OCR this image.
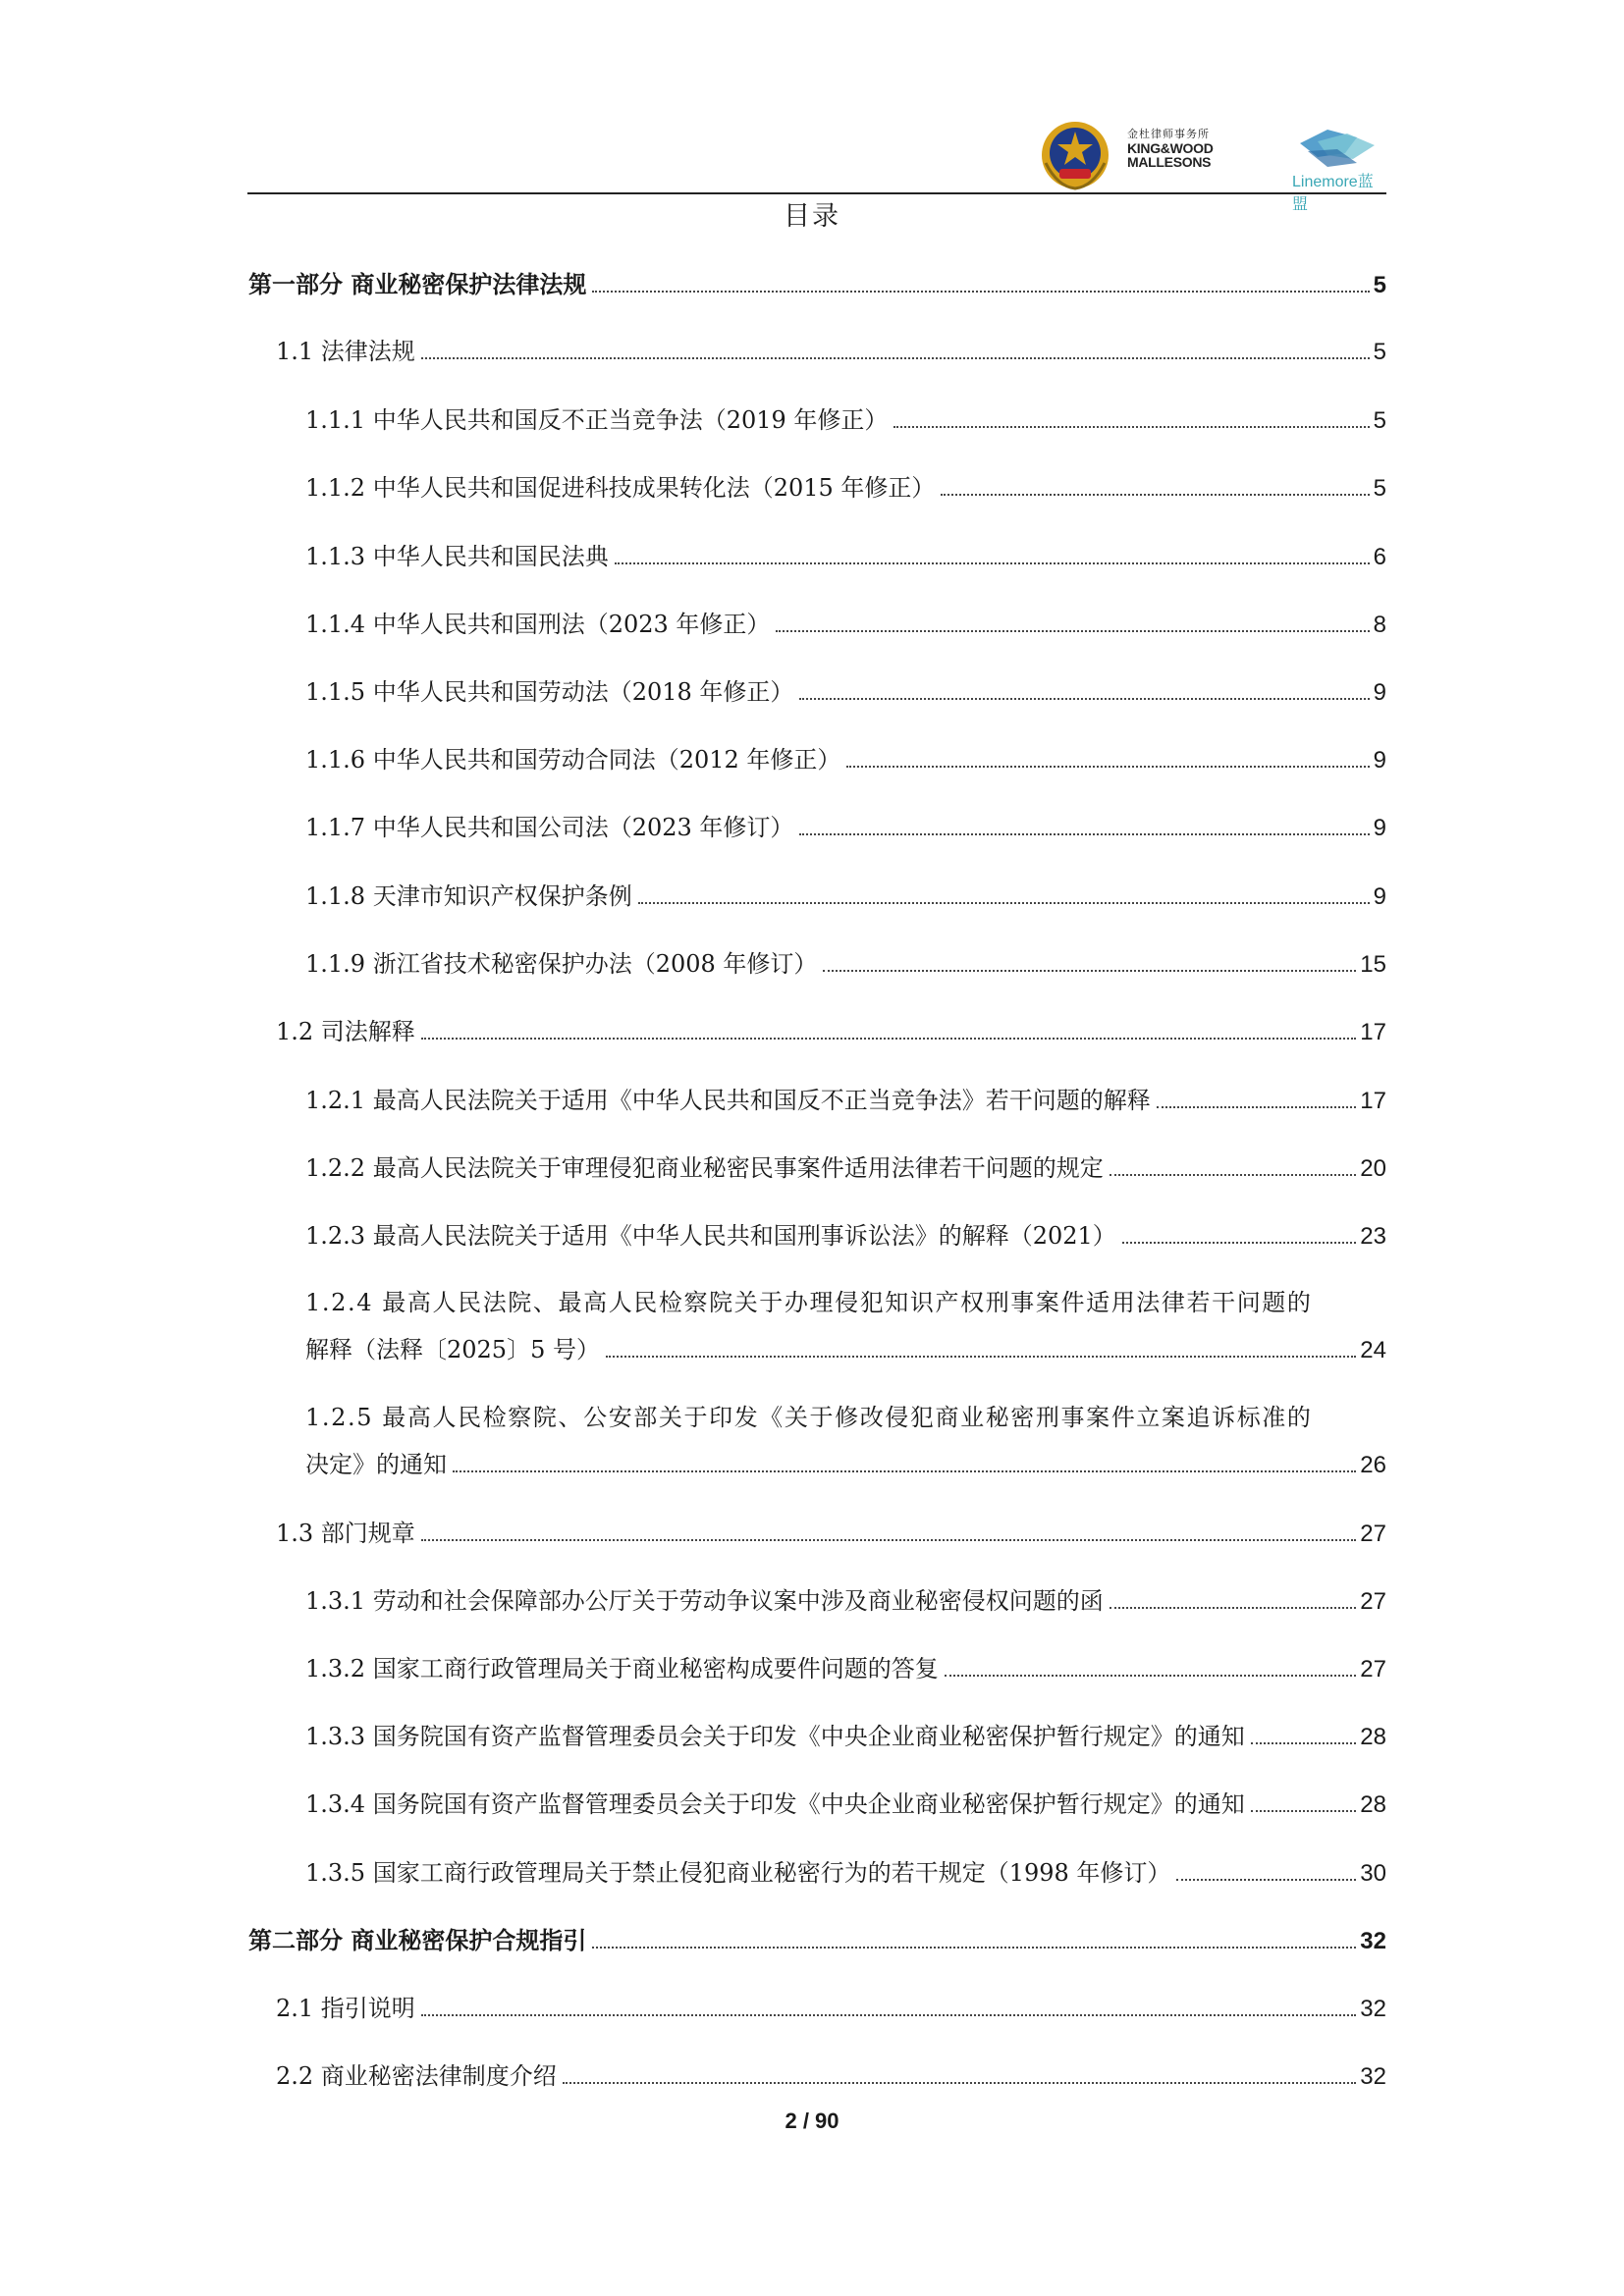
金杜律师事务所
KING&WOOD
MALLESONS
Linemore蓝盟
目录
第一部分 商业秘密保护法律法规	5
1.1 法律法规	5
1.1.1 中华人民共和国反不正当竞争法（2019 年修正）	5
1.1.2 中华人民共和国促进科技成果转化法（2015 年修正）	5
1.1.3 中华人民共和国民法典	6
1.1.4 中华人民共和国刑法（2023 年修正）	8
1.1.5 中华人民共和国劳动法（2018 年修正）	9
1.1.6 中华人民共和国劳动合同法（2012 年修正）	9
1.1.7 中华人民共和国公司法（2023 年修订）	9
1.1.8 天津市知识产权保护条例	9
1.1.9 浙江省技术秘密保护办法（2008 年修订）	15
1.2 司法解释	17
1.2.1 最高人民法院关于适用《中华人民共和国反不正当竞争法》若干问题的解释	17
1.2.2 最高人民法院关于审理侵犯商业秘密民事案件适用法律若干问题的规定	20
1.2.3 最高人民法院关于适用《中华人民共和国刑事诉讼法》的解释（2021）	23
1.2.4 最高人民法院、最高人民检察院关于办理侵犯知识产权刑事案件适用法律若干问题的
解释（法释〔2025〕5 号）	24
1.2.5 最高人民检察院、公安部关于印发《关于修改侵犯商业秘密刑事案件立案追诉标准的
决定》的通知	26
1.3 部门规章	27
1.3.1 劳动和社会保障部办公厅关于劳动争议案中涉及商业秘密侵权问题的函	27
1.3.2 国家工商行政管理局关于商业秘密构成要件问题的答复	27
1.3.3 国务院国有资产监督管理委员会关于印发《中央企业商业秘密保护暂行规定》的通知	28
1.3.4 国务院国有资产监督管理委员会关于印发《中央企业商业秘密保护暂行规定》的通知	28
1.3.5 国家工商行政管理局关于禁止侵犯商业秘密行为的若干规定（1998 年修订）	30
第二部分 商业秘密保护合规指引	32
2.1 指引说明	32
2.2 商业秘密法律制度介绍	32
2 / 90
